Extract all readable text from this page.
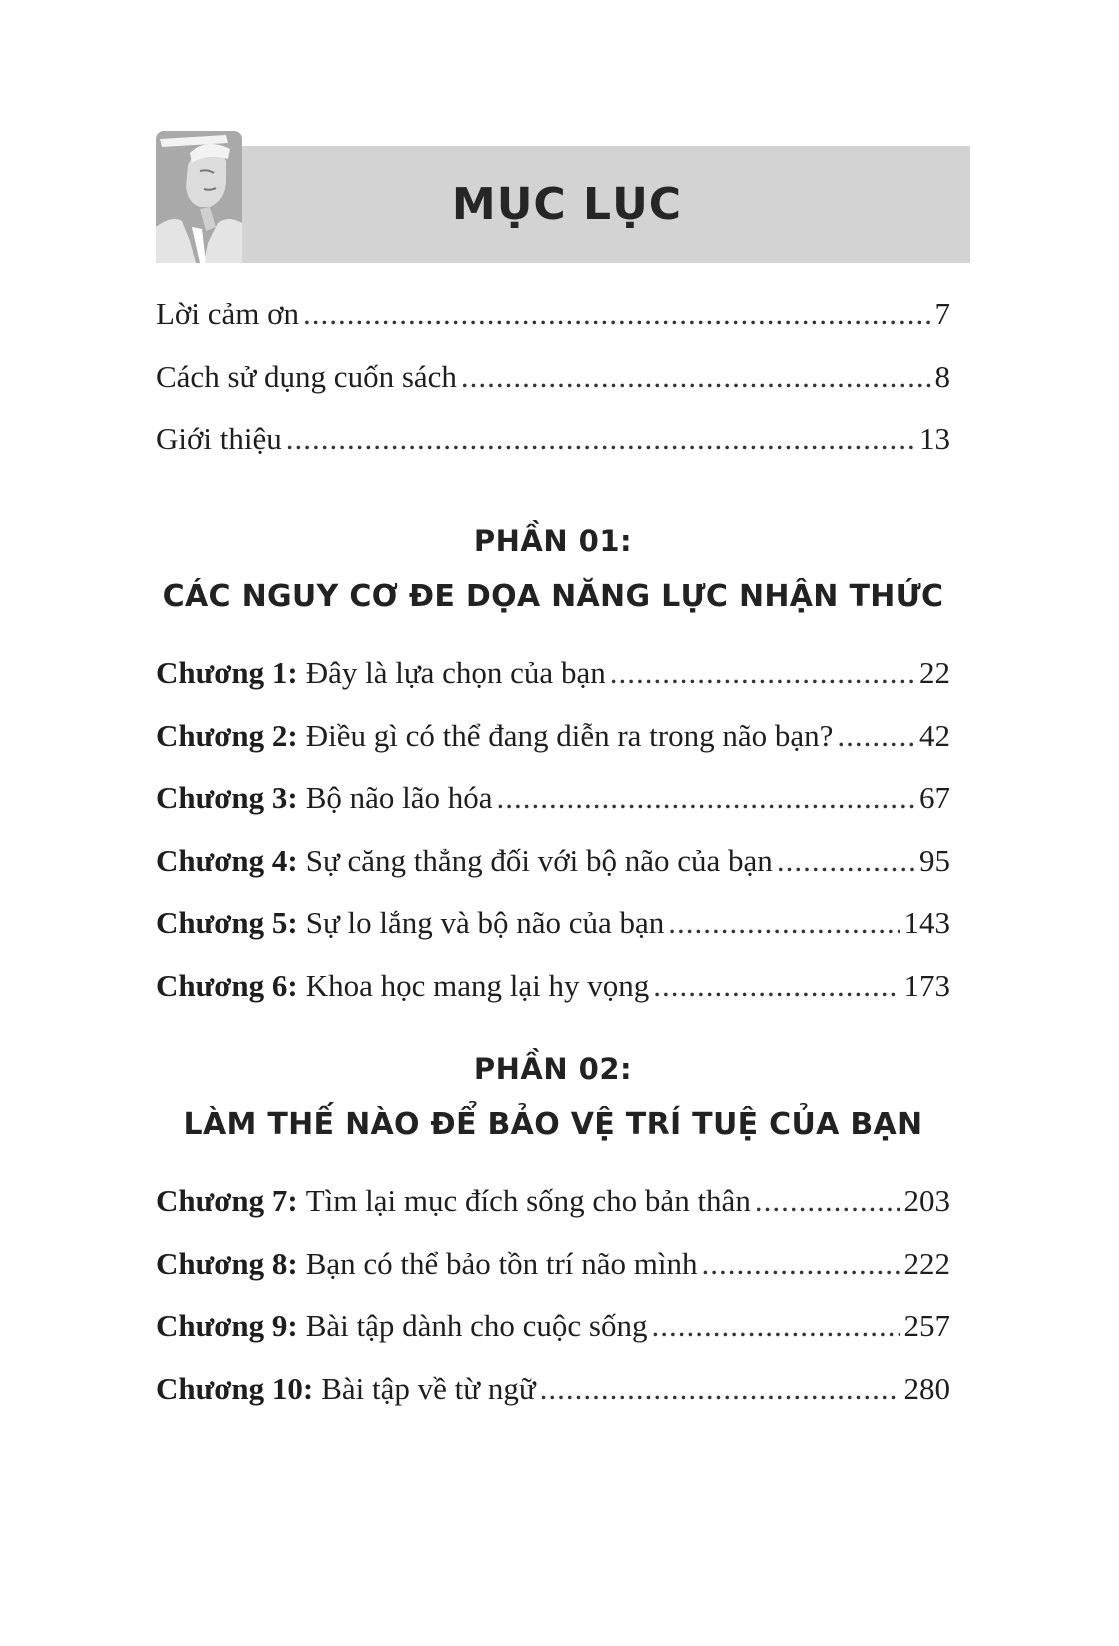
MỤC LỤC
Lời cảm ơn .....	7
Cách sử dụng cuốn sách .....	8
Giới thiệu .....	13
PHẦN 01:
CÁC NGUY CƠ ĐE DỌA NĂNG LỰC NHẬN THỨC
Chương 1: Đây là lựa chọn của bạn .....	22
Chương 2: Điều gì có thể đang diễn ra trong não bạn? .....	42
Chương 3: Bộ não lão hóa .....	67
Chương 4: Sự căng thẳng đối với bộ não của bạn .....	95
Chương 5: Sự lo lắng và bộ não của bạn .....	143
Chương 6: Khoa học mang lại hy vọng .....	173
PHẦN 02:
LÀM THẾ NÀO ĐỂ BẢO VỆ TRÍ TUỆ CỦA BẠN
Chương 7: Tìm lại mục đích sống cho bản thân .....	203
Chương 8: Bạn có thể bảo tồn trí não mình .....	222
Chương 9: Bài tập dành cho cuộc sống .....	257
Chương 10: Bài tập về từ ngữ .....	280
